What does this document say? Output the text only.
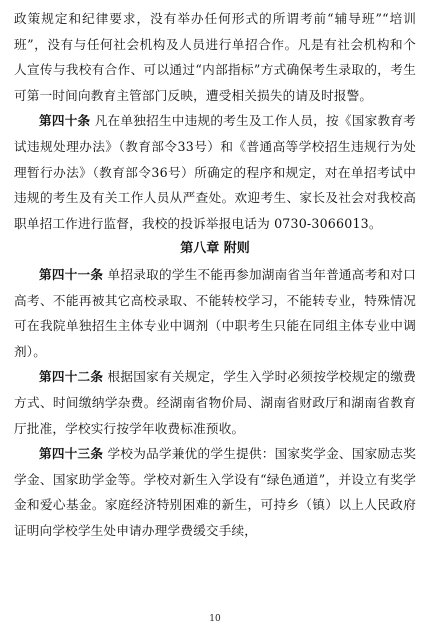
政策规定和纪律要求，没有举办任何形式的所谓考前“辅导班”“培训班”，没有与任何社会机构及人员进行单招合作。凡是有社会机构和个人宣传与我校有合作、可以通过“内部指标”方式确保考生录取的，考生可第一时间向教育主管部门反映，遭受相关损失的请及时报警。

第四十条 凡在单独招生中违规的考生及工作人员，按《国家教育考试违规处理办法》（教育部令33号）和《普通高等学校招生违规行为处理暂行办法》（教育部令36号）所确定的程序和规定，对在单招考试中违规的考生及有关工作人员从严查处。欢迎考生、家长及社会对我校高职单招工作进行监督，我校的投诉举报电话为 0730-3066013。

第八章 附则

第四十一条 单招录取的学生不能再参加湖南省当年普通高考和对口高考、不能再被其它高校录取、不能转校学习，不能转专业，特殊情况可在我院单独招生主体专业中调剂（中职考生只能在同组主体专业中调剂）。

第四十二条 根据国家有关规定，学生入学时必须按学校规定的缴费方式、时间缴纳学杂费。经湖南省物价局、湖南省财政厅和湖南省教育厅批准，学校实行按学年收费标准预收。

第四十三条 学校为品学兼优的学生提供：国家奖学金、国家励志奖学金、国家助学金等。学校对新生入学设有“绿色通道”，并设立有奖学金和爱心基金。家庭经济特别困难的新生，可持乡（镇）以上人民政府证明向学校学生处申请办理学费缓交手续，

10
